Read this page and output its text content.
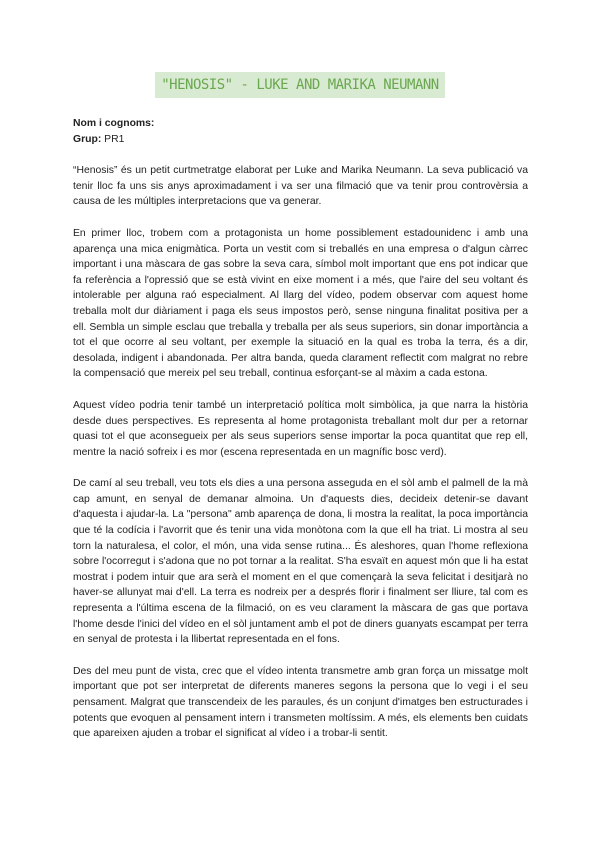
"HENOSIS" - LUKE AND MARIKA NEUMANN
Nom i cognoms:
Grup: PR1

“Henosis” és un petit curtmetratge elaborat per Luke and Marika Neumann. La seva publicació va tenir lloc fa uns sis anys aproximadament i va ser una filmació que va tenir prou controvèrsia a causa de les múltiples interpretacions que va generar.

En primer lloc, trobem com a protagonista un home possiblement estadounidenc i amb una aparença una mica enigmàtica. Porta un vestit com si treballés en una empresa o d'algun càrrec important i una màscara de gas sobre la seva cara, símbol molt important que ens pot indicar que fa referència a l'opressió que se està vivint en eixe moment i a més, que l'aire del seu voltant és intolerable per alguna raó especialment. Al llarg del vídeo, podem observar com aquest home treballa molt dur diàriament i paga els seus impostos però, sense ninguna finalitat positiva per a ell. Sembla un simple esclau que treballa y treballa per als seus superiors, sin donar importància a tot el que ocorre al seu voltant, per exemple la situació en la qual es troba la terra, és a dir, desolada, indigent i abandonada. Per altra banda, queda clarament reflectit com malgrat no rebre la compensació que mereix pel seu treball, continua esforçant-se al màxim a cada estona.

Aquest vídeo podria tenir també un interpretació política molt simbòlica, ja que narra la història desde dues perspectives. Es representa al home protagonista treballant molt dur per a retornar quasi tot el que aconsegueix per als seus superiors sense importar la poca quantitat que rep ell, mentre la nació sofreix i es mor (escena representada en un magnífic bosc verd).

De camí al seu treball, veu tots els dies a una persona asseguda en el sòl amb el palmell de la mà cap amunt, en senyal de demanar almoina. Un d'aquests dies, decideix detenir-se davant d'aquesta i ajudar-la. La "persona" amb aparença de dona, li mostra la realitat, la poca importància que té la codícia i l'avorrit que és tenir una vida monòtona com la que ell ha triat. Li mostra al seu torn la naturalesa, el color, el món, una vida sense rutina... És aleshores, quan l'home reflexiona sobre l'ocorregut i s'adona que no pot tornar a la realitat. S'ha esvaït en aquest món que li ha estat mostrat i podem intuir que ara serà el moment en el que començarà la seva felicitat i desitjarà no haver-se allunyat mai d'ell. La terra es nodreix per a després florir i finalment ser lliure, tal com es representa a l'última escena de la filmació, on es veu clarament la màscara de gas que portava l'home desde l'inici del vídeo en el sòl juntament amb el pot de diners guanyats escampat per terra en senyal de protesta i la llibertat representada en el fons.

Des del meu punt de vista, crec que el vídeo intenta transmetre amb gran força un missatge molt important que pot ser interpretat de diferents maneres segons la persona que lo vegi i el seu pensament. Malgrat que transcendeix de les paraules, és un conjunt d'imatges ben estructurades i potents que evoquen al pensament intern i transmeten moltíssim. A més, els elements ben cuidats que apareixen ajuden a trobar el significat al vídeo i a trobar-li sentit.
